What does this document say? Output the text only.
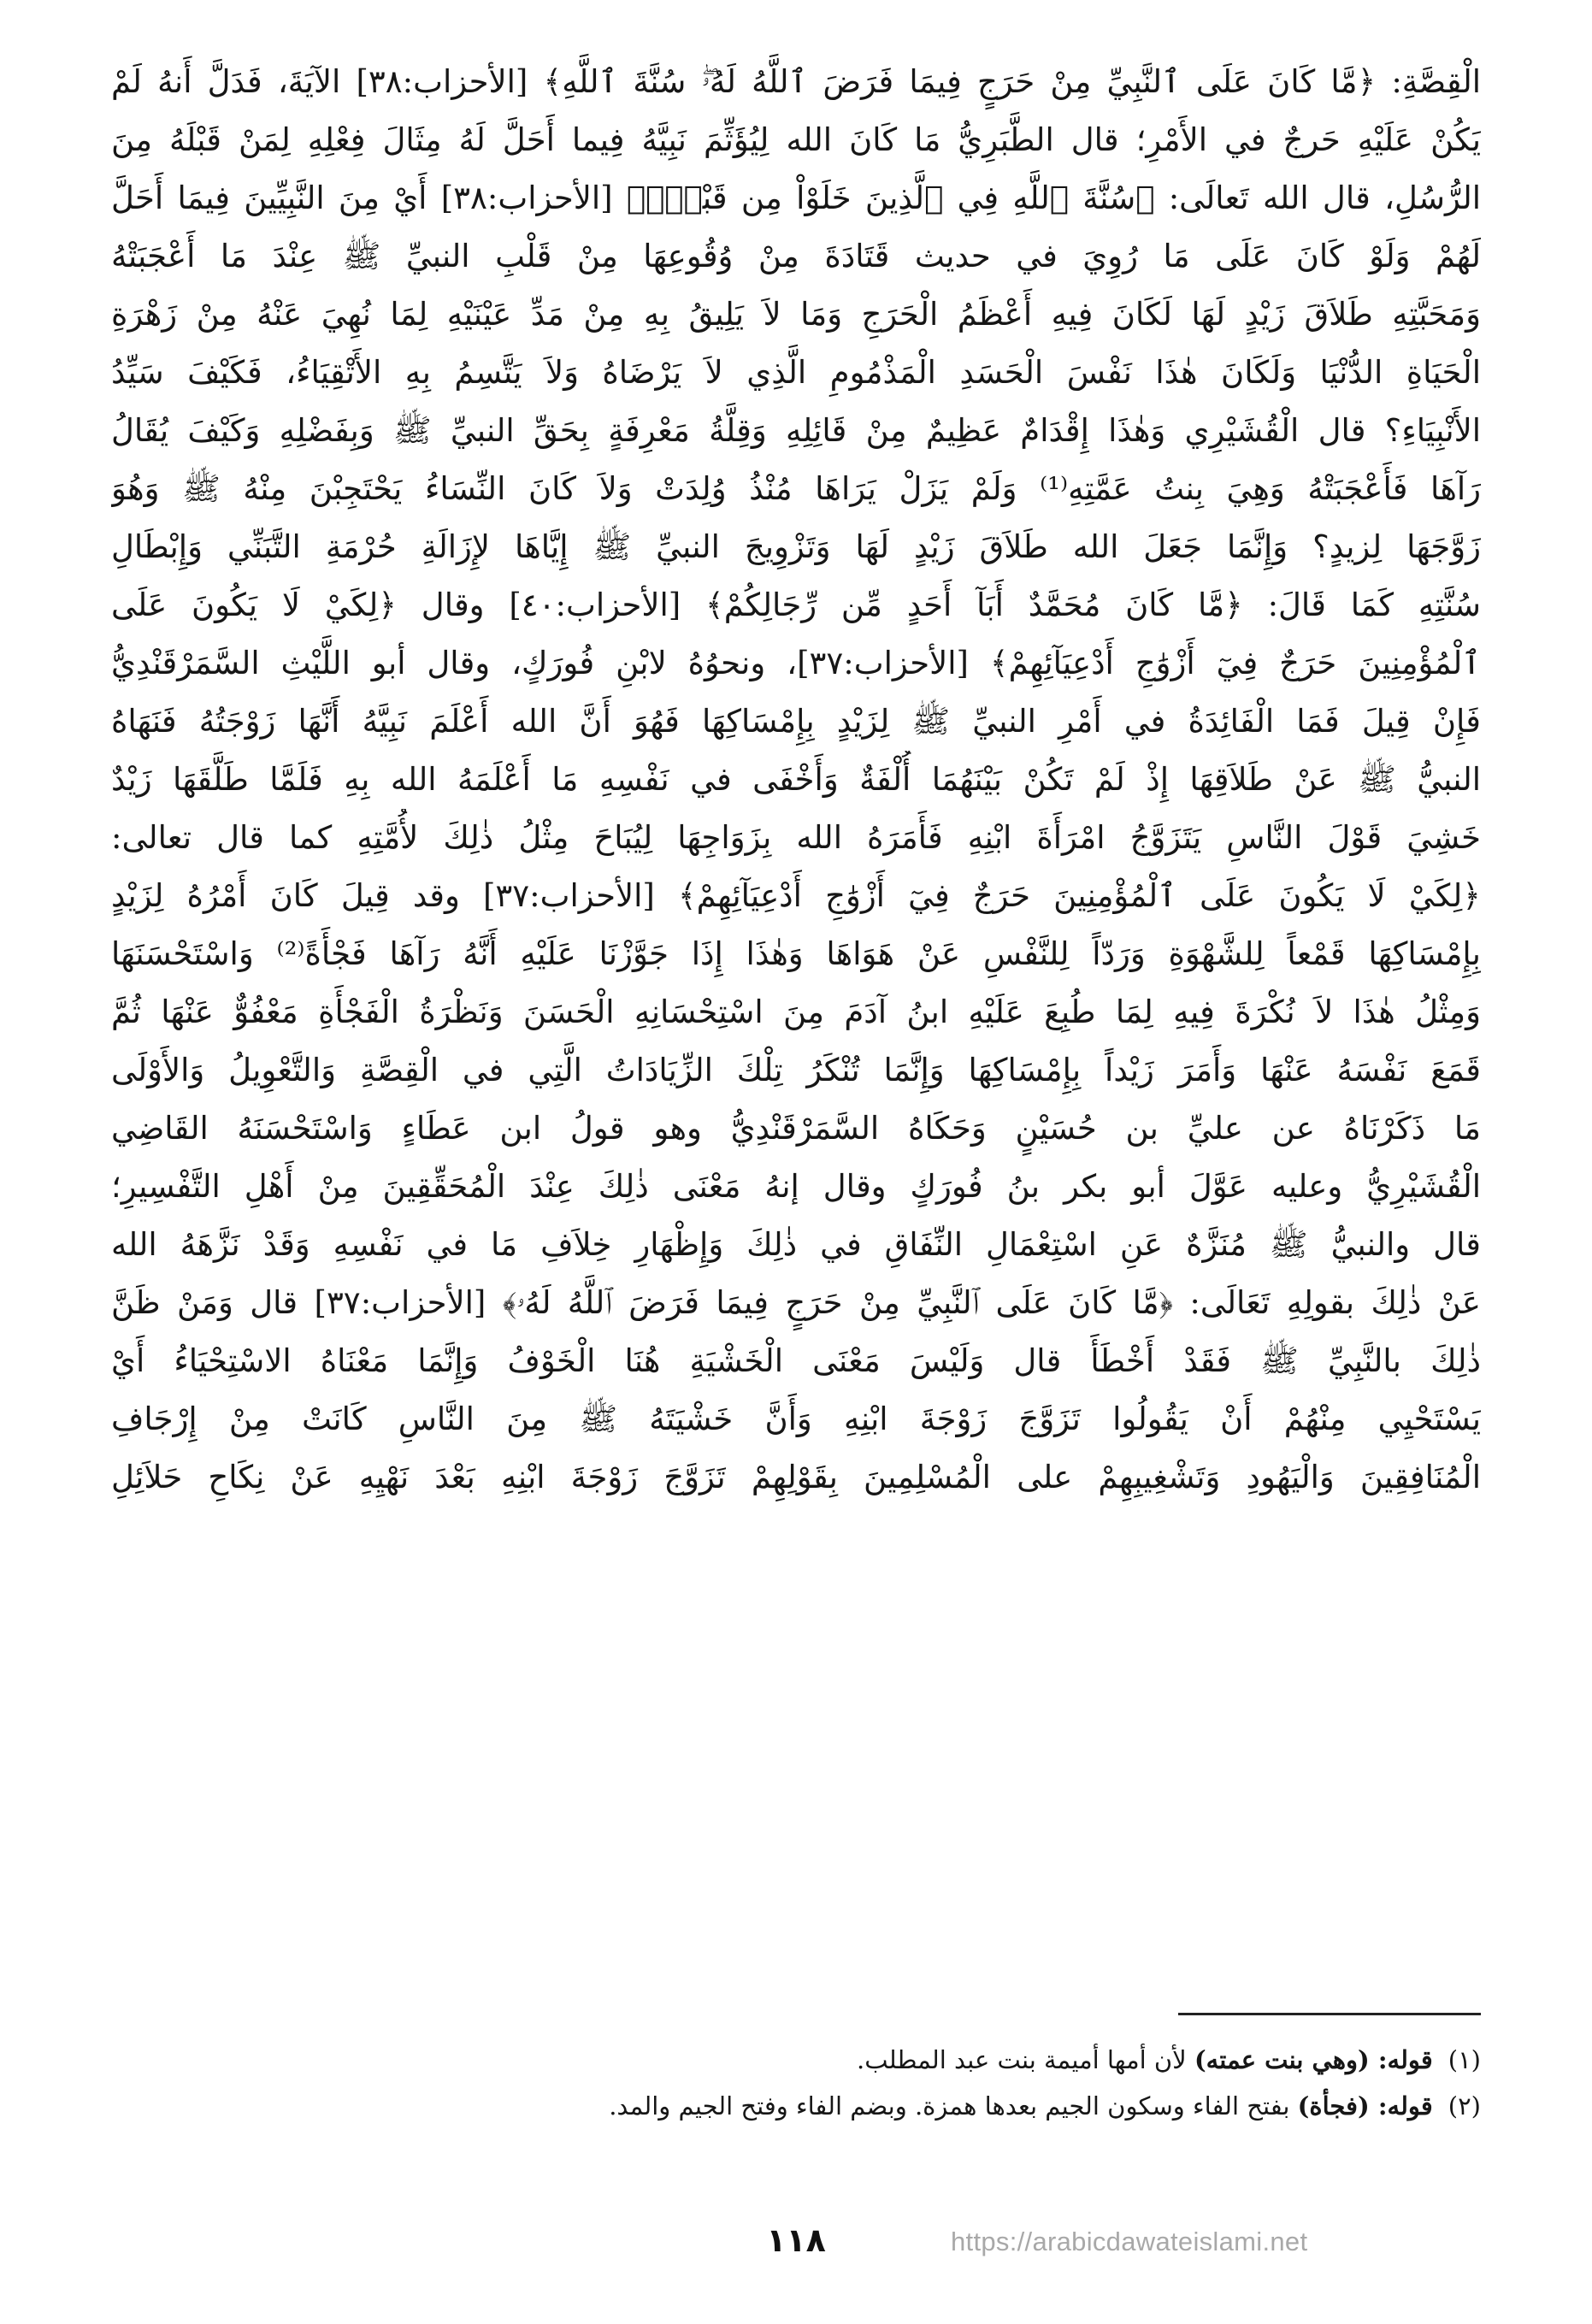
الْقِصَّةِ: ﴿مَّا كَانَ عَلَى ٱلنَّبِيِّ مِنْ حَرَجٍ فِيمَا فَرَضَ ٱللَّهُ لَهُۥۖ سُنَّةَ ٱللَّهِ﴾ [الأحزاب:٣٨] الآيَةَ، فَدَلَّ أَنهُ لَمْ
يَكُنْ عَلَيْهِ حَرجٌ في الأَمْرِ؛ قال الطَّبَرِيُّ مَا كَانَ الله لِيُؤَثِّمَ نَبِيَّهُ فِيما أَحَلَّ لَهُ مِثَالَ فِعْلِهِ لِمَنْ قَبْلَهُ مِنَ
الرُّسُلِ، قال الله تَعالَى: ﴿سُنَّةَ ٱللَّهِ فِي ٱلَّذِينَ خَلَوْاْ مِن قَبْلُۚ﴾ [الأحزاب:٣٨] أَيْ مِنَ النَّبِيِّينَ فِيمَا أَحَلَّ
لَهُمْ وَلَوْ كَانَ عَلَى مَا رُوِيَ في حديث قَتَادَةَ مِنْ وُقُوعِهَا مِنْ قَلْبِ النبيِّ ﷺ عِنْدَ مَا أَعْجَبَتْهُ
وَمَحَبَّتِهِ طَلاَقَ زَيْدٍ لَهَا لَكَانَ فِيهِ أَعْظَمُ الْحَرَجِ وَمَا لاَ يَلِيقُ بِهِ مِنْ مَدِّ عَيْنَيْهِ لِمَا نُهِيَ عَنْهُ مِنْ زَهْرَةِ
الْحَيَاةِ الدُّنْيَا وَلَكَانَ هٰذَا نَفْسَ الْحَسَدِ الْمَذْمُومِ الَّذِي لاَ يَرْضَاهُ وَلاَ يَتَّسِمُ بِهِ الأَتْقِيَاءُ، فَكَيْفَ سَيِّدُ
الأَنْبِيَاءِ؟ قال الْقُشَيْرِي وَهٰذَا إِقْدَامٌ عَظِيمٌ مِنْ قَائِلِهِ وَقِلَّةُ مَعْرِفَةٍ بِحَقِّ النبيِّ ﷺ وَبِفَضْلِهِ وَكَيْفَ يُقَالُ
رَآهَا فَأَعْجَبَتْهُ وَهِيَ بِنتُ عَمَّتِهِ⁽¹⁾ وَلَمْ يَزَلْ يَرَاهَا مُنْذُ وُلِدَتْ وَلاَ كَانَ النِّسَاءُ يَحْتَجِبْنَ مِنْهُ ﷺ وَهُوَ
زَوَّجَهَا لِزيدٍ؟ وَإِنَّمَا جَعَلَ الله طَلاَقَ زَيْدٍ لَهَا وَتَزْوِيجَ النبيِّ ﷺ إِيَّاهَا لإِزَالَةِ حُرْمَةِ التَّبَنِّي وَإِبْطَالِ
سُنَّتِهِ كَمَا قَالَ: ﴿مَّا كَانَ مُحَمَّدٌ أَبَآ أَحَدٍ مِّن رِّجَالِكُمْ﴾ [الأحزاب:٤٠] وقال ﴿لِكَيْ لَا يَكُونَ عَلَى
ٱلْمُؤْمِنِينَ حَرَجٌ فِيٓ أَزْوَٰجِ أَدْعِيَآئِهِمْ﴾ [الأحزاب:٣٧]، ونحوُهُ لابْنِ فُورَكٍ، وقال أبو اللَّيْثِ السَّمَرْقَنْدِيُّ
فَإِنْ قِيلَ فَمَا الْفَائِدَةُ في أَمْرِ النبيِّ ﷺ لِزَيْدٍ بِإِمْسَاكِهَا فَهُوَ أَنَّ الله أَعْلَمَ نَبِيَّهُ أَنَّهَا زَوْجَتُهُ فَنَهَاهُ
النبيُّ ﷺ عَنْ طَلاَقِهَا إِذْ لَمْ تَكُنْ بَيْنَهُمَا أُلْفَةٌ وَأَخْفَى في نَفْسِهِ مَا أَعْلَمَهُ الله بِهِ فَلَمَّا طَلَّقَهَا زَيْدٌ
خَشِيَ قَوْلَ النَّاسِ يَتَزَوَّجُ امْرَأَةَ ابْنِهِ فَأَمَرَهُ الله بِزَوَاجِهَا لِيُبَاحَ مِثْلُ ذٰلِكَ لأُمَّتِهِ كما قال تعالى:
﴿لِكَيْ لَا يَكُونَ عَلَى ٱلْمُؤْمِنِينَ حَرَجٌ فِيٓ أَزْوَٰجِ أَدْعِيَآئِهِمْ﴾ [الأحزاب:٣٧] وقد قِيلَ كَانَ أَمْرُهُ لِزَيْدٍ
بِإِمْسَاكِهَا قَمْعاً لِلشَّهْوَةِ وَرَدّاً لِلنَّفْسِ عَنْ هَوَاهَا وَهٰذَا إِذَا جَوَّزْنَا عَلَيْهِ أَنَّهُ رَآهَا فَجْأَةً⁽²⁾ وَاسْتَحْسَنَهَا
وَمِثْلُ هٰذَا لاَ نُكْرَةَ فِيهِ لِمَا طُبِعَ عَلَيْهِ ابنُ آدَمَ مِنَ اسْتِحْسَانِهِ الْحَسَنَ وَنَظْرَةُ الْفَجْأَةِ مَعْفُوٌّ عَنْهَا ثُمَّ
قَمَعَ نَفْسَهُ عَنْهَا وَأَمَرَ زَيْداً بِإِمْسَاكِهَا وَإِنَّمَا تُنْكَرُ تِلْكَ الزِّيَادَاتُ الَّتِي في الْقِصَّةِ وَالتَّعْوِيلُ وَالأَوْلَى
مَا ذَكَرْنَاهُ عن عليِّ بن حُسَيْنٍ وَحَكَاهُ السَّمَرْقَنْدِيُّ وهو قولُ ابن عَطَاءٍ وَاسْتَحْسَنَهُ القَاضِي
الْقُشَيْرِيُّ وعليه عَوَّلَ أبو بكر بنُ فُورَكٍ وقال إنهُ مَعْنَى ذٰلِكَ عِنْدَ الْمُحَقِّقِينَ مِنْ أَهْلِ التَّفْسِيرِ؛
قال والنبيُّ ﷺ مُنَزَّهٌ عَنِ اسْتِعْمَالِ النِّفَاقِ في ذٰلِكَ وَإِظْهَارِ خِلاَفِ مَا في نَفْسِهِ وَقَدْ نَزَّهَهُ الله
عَنْ ذٰلِكَ بقولِهِ تَعَالَى: ﴿مَّا كَانَ عَلَى ٱلنَّبِيِّ مِنْ حَرَجٍ فِيمَا فَرَضَ ٱللَّهُ لَهُۥ﴾ [الأحزاب:٣٧] قال وَمَنْ ظَنَّ
ذٰلِكَ بالنَّبِيِّ ﷺ فَقَدْ أَخْطَأَ قال وَلَيْسَ مَعْنَى الْخَشْيَةِ هُنَا الْخَوْفُ وَإِنَّمَا مَعْنَاهُ الاسْتِحْيَاءُ أَيْ
يَسْتَحْيِي مِنْهُمْ أَنْ يَقُولُوا تَزَوَّجَ زَوْجَةَ ابْنِهِ وَأَنَّ خَشْيَتَهُ ﷺ مِنَ النَّاسِ كَانَتْ مِنْ إِرْجَافِ
الْمُنَافِقِينَ وَالْيَهُودِ وَتَشْغِيبِهِمْ على الْمُسْلِمِينَ بِقَوْلِهِمْ تَزَوَّجَ زَوْجَةَ ابْنِهِ بَعْدَ نَهْيِهِ عَنْ نِكَاحِ حَلاَئِلِ
(١)قوله: (وهي بنت عمته) لأن أمها أميمة بنت عبد المطلب.
(٢)قوله: (فجأة) بفتح الفاء وسكون الجيم بعدها همزة. وبضم الفاء وفتح الجيم والمد.
١١٨	https://arabicdawateislami.net
